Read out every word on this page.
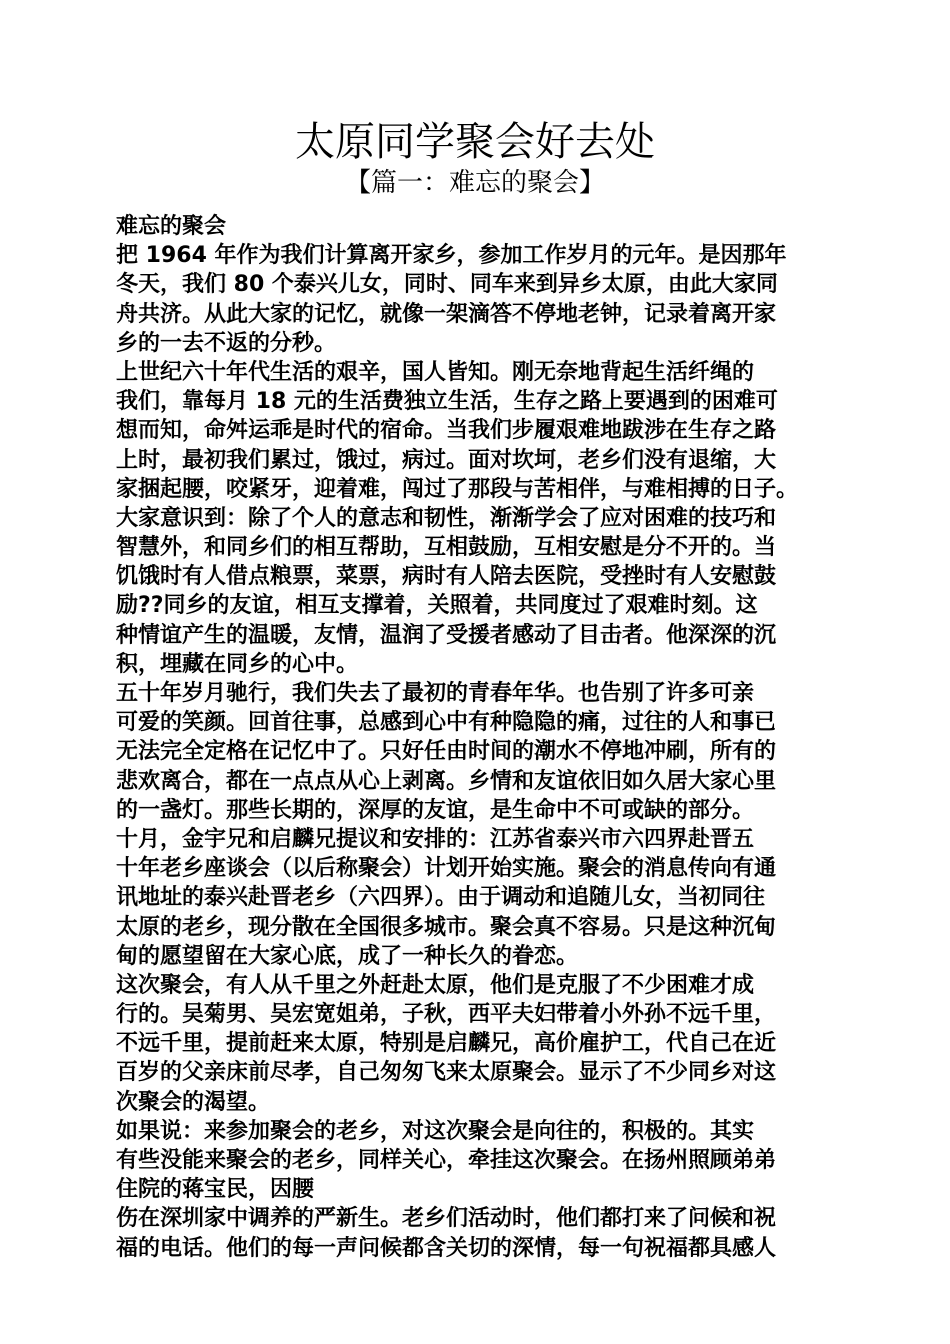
太原同学聚会好去处
【篇一：难忘的聚会】
难忘的聚会
把 1964 年作为我们计算离开家乡，参加工作岁月的元年。是因那年
冬天，我们 80 个泰兴儿女，同时、同车来到异乡太原，由此大家同
舟共济。从此大家的记忆，就像一架滴答不停地老钟，记录着离开家
乡的一去不返的分秒。
上世纪六十年代生活的艰辛，国人皆知。刚无奈地背起生活纤绳的
我们，靠每月 18 元的生活费独立生活，生存之路上要遇到的困难可
想而知，命舛运乖是时代的宿命。当我们步履艰难地跋涉在生存之路
上时，最初我们累过，饿过，病过。面对坎坷，老乡们没有退缩，大
家捆起腰，咬紧牙，迎着难，闯过了那段与苦相伴，与难相搏的日子。
大家意识到：除了个人的意志和韧性，渐渐学会了应对困难的技巧和
智慧外，和同乡们的相互帮助，互相鼓励，互相安慰是分不开的。当
饥饿时有人借点粮票，菜票，病时有人陪去医院，受挫时有人安慰鼓
励??同乡的友谊，相互支撑着，关照着，共同度过了艰难时刻。这
种情谊产生的温暖，友情，温润了受援者感动了目击者。他深深的沉
积，埋藏在同乡的心中。
五十年岁月驰行，我们失去了最初的青春年华。也告别了许多可亲
可爱的笑颜。回首往事，总感到心中有种隐隐的痛，过往的人和事已
无法完全定格在记忆中了。只好任由时间的潮水不停地冲刷，所有的
悲欢离合，都在一点点从心上剥离。乡情和友谊依旧如久居大家心里
的一盏灯。那些长期的，深厚的友谊，是生命中不可或缺的部分。
十月，金宇兄和启麟兄提议和安排的：江苏省泰兴市六四界赴晋五
十年老乡座谈会（以后称聚会）计划开始实施。聚会的消息传向有通
讯地址的泰兴赴晋老乡（六四界）。由于调动和追随儿女，当初同往
太原的老乡，现分散在全国很多城市。聚会真不容易。只是这种沉甸
甸的愿望留在大家心底，成了一种长久的眷恋。
这次聚会，有人从千里之外赶赴太原，他们是克服了不少困难才成
行的。吴菊男、吴宏宽姐弟，子秋，西平夫妇带着小外孙不远千里，
不远千里，提前赶来太原，特别是启麟兄，高价雇护工，代自己在近
百岁的父亲床前尽孝，自己匆匆飞来太原聚会。显示了不少同乡对这
次聚会的渴望。
如果说：来参加聚会的老乡，对这次聚会是向往的，积极的。其实
有些没能来聚会的老乡，同样关心，牵挂这次聚会。在扬州照顾弟弟
住院的蒋宝民，因腰
伤在深圳家中调养的严新生。老乡们活动时，他们都打来了问候和祝
福的电话。他们的每一声问候都含关切的深情，每一句祝福都具感人
